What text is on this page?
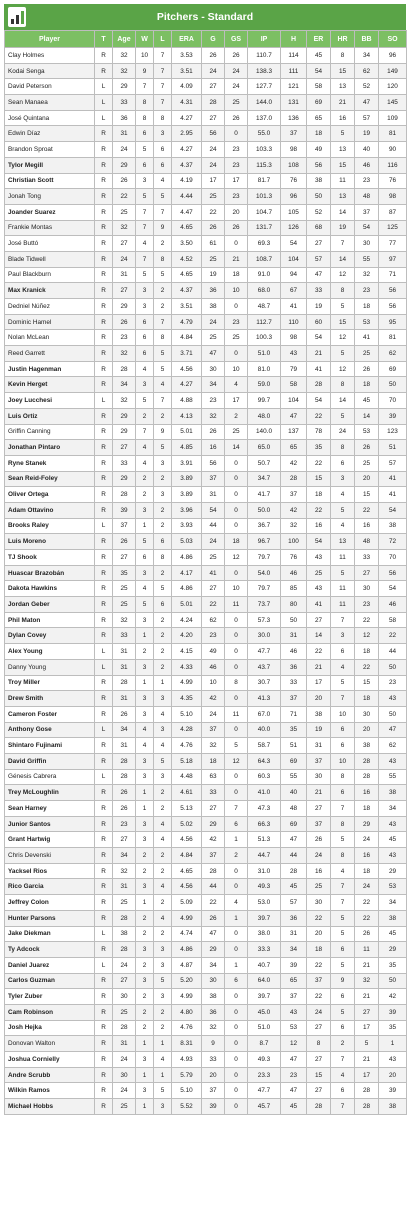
Pitchers - Standard
Player	T	Age	W	L	ERA	G	GS	IP	H	ER	HR	BB	SO
Clay Holmes	R	32	10	7	3.53	26	26	110.7	114	45	8	34	96
Kodai Senga	R	32	9	7	3.51	24	24	138.3	111	54	15	62	149
David Peterson	L	29	7	7	4.09	27	24	127.7	121	58	13	52	120
Sean Manaea	L	33	8	7	4.31	28	25	144.0	131	69	21	47	145
José Quintana	L	36	8	8	4.27	27	26	137.0	136	65	16	57	109
Edwin Díaz	R	31	6	3	2.95	56	0	55.0	37	18	5	19	81
Brandon Sproat	R	24	5	6	4.27	24	23	103.3	98	49	13	40	90
Tylor Megill	R	29	6	6	4.37	24	23	115.3	108	56	15	46	116
Christian Scott	R	26	3	4	4.19	17	17	81.7	76	38	11	23	76
Jonah Tong	R	22	5	5	4.44	25	23	101.3	96	50	13	48	98
Joander Suarez	R	25	7	7	4.47	22	20	104.7	105	52	14	37	87
Frankie Montas	R	32	7	9	4.65	26	26	131.7	126	68	19	54	125
José Buttó	R	27	4	2	3.50	61	0	69.3	54	27	7	30	77
Blade Tidwell	R	24	7	8	4.52	25	21	108.7	104	57	14	55	97
Paul Blackburn	R	31	5	5	4.65	19	18	91.0	94	47	12	32	71
Max Kranick	R	27	3	2	4.37	36	10	68.0	67	33	8	23	56
Dedniel Núñez	R	29	3	2	3.51	38	0	48.7	41	19	5	18	56
Dominic Hamel	R	26	6	7	4.79	24	23	112.7	110	60	15	53	95
Nolan McLean	R	23	6	8	4.84	25	25	100.3	98	54	12	41	81
Reed Garrett	R	32	6	5	3.71	47	0	51.0	43	21	5	25	62
Justin Hagenman	R	28	4	5	4.56	30	10	81.0	79	41	12	26	69
Kevin Herget	R	34	3	4	4.27	34	4	59.0	58	28	8	18	50
Joey Lucchesi	L	32	5	7	4.88	23	17	99.7	104	54	14	45	70
Luis Ortiz	R	29	2	2	4.13	32	2	48.0	47	22	5	14	39
Griffin Canning	R	29	7	9	5.01	26	25	140.0	137	78	24	53	123
Jonathan Pintaro	R	27	4	5	4.85	16	14	65.0	65	35	8	26	51
Ryne Stanek	R	33	4	3	3.91	56	0	50.7	42	22	6	25	57
Sean Reid-Foley	R	29	2	2	3.89	37	0	34.7	28	15	3	20	41
Oliver Ortega	R	28	2	3	3.89	31	0	41.7	37	18	4	15	41
Adam Ottavino	R	39	3	2	3.96	54	0	50.0	42	22	5	22	54
Brooks Raley	L	37	1	2	3.93	44	0	36.7	32	16	4	16	38
Luis Moreno	R	26	5	6	5.03	24	18	96.7	100	54	13	48	72
TJ Shook	R	27	6	8	4.86	25	12	79.7	76	43	11	33	70
Huascar Brazobán	R	35	3	2	4.17	41	0	54.0	46	25	5	27	56
Dakota Hawkins	R	25	4	5	4.86	27	10	79.7	85	43	11	30	54
Jordan Geber	R	25	5	6	5.01	22	11	73.7	80	41	11	23	46
Phil Maton	R	32	3	2	4.24	62	0	57.3	50	27	7	22	58
Dylan Covey	R	33	1	2	4.20	23	0	30.0	31	14	3	12	22
Alex Young	L	31	2	2	4.15	49	0	47.7	46	22	6	18	44
Danny Young	L	31	3	2	4.33	46	0	43.7	36	21	4	22	50
Troy Miller	R	28	1	1	4.99	10	8	30.7	33	17	5	15	23
Drew Smith	R	31	3	3	4.35	42	0	41.3	37	20	7	18	43
Cameron Foster	R	26	3	4	5.10	24	11	67.0	71	38	10	30	50
Anthony Gose	L	34	4	3	4.28	37	0	40.0	35	19	6	20	47
Shintaro Fujinami	R	31	4	4	4.76	32	5	58.7	51	31	6	38	62
David Griffin	R	28	3	5	5.18	18	12	64.3	69	37	10	28	43
Génesis Cabrera	L	28	3	3	4.48	63	0	60.3	55	30	8	28	55
Trey McLoughlin	R	26	1	2	4.61	33	0	41.0	40	21	6	16	38
Sean Harney	R	26	1	2	5.13	27	7	47.3	48	27	7	18	34
Junior Santos	R	23	3	4	5.02	29	6	66.3	69	37	8	29	43
Grant Hartwig	R	27	3	4	4.56	42	1	51.3	47	26	5	24	45
Chris Devenski	R	34	2	2	4.84	37	2	44.7	44	24	8	16	43
Yacksel Rios	R	32	2	2	4.65	28	0	31.0	28	16	4	18	29
Rico Garcia	R	31	3	4	4.56	44	0	49.3	45	25	7	24	53
Jeffrey Colon	R	25	1	2	5.09	22	4	53.0	57	30	7	22	34
Hunter Parsons	R	28	2	4	4.99	26	1	39.7	36	22	5	22	38
Jake Diekman	L	38	2	2	4.74	47	0	38.0	31	20	5	26	45
Ty Adcock	R	28	3	3	4.86	29	0	33.3	34	18	6	11	29
Daniel Juarez	L	24	2	3	4.87	34	1	40.7	39	22	5	21	35
Carlos Guzman	R	27	3	5	5.20	30	6	64.0	65	37	9	32	50
Tyler Zuber	R	30	2	3	4.99	38	0	39.7	37	22	6	21	42
Cam Robinson	R	25	2	2	4.80	36	0	45.0	43	24	5	27	39
Josh Hejka	R	28	2	2	4.76	32	0	51.0	53	27	6	17	35
Donovan Walton	R	31	1	1	8.31	9	0	8.7	12	8	2	5	1
Joshua Cornielly	R	24	3	4	4.93	33	0	49.3	47	27	7	21	43
Andre Scrubb	R	30	1	1	5.79	20	0	23.3	23	15	4	17	20
Wilkin Ramos	R	24	3	5	5.10	37	0	47.7	47	27	6	28	39
Michael Hobbs	R	25	1	3	5.52	39	0	45.7	45	28	7	28	38
